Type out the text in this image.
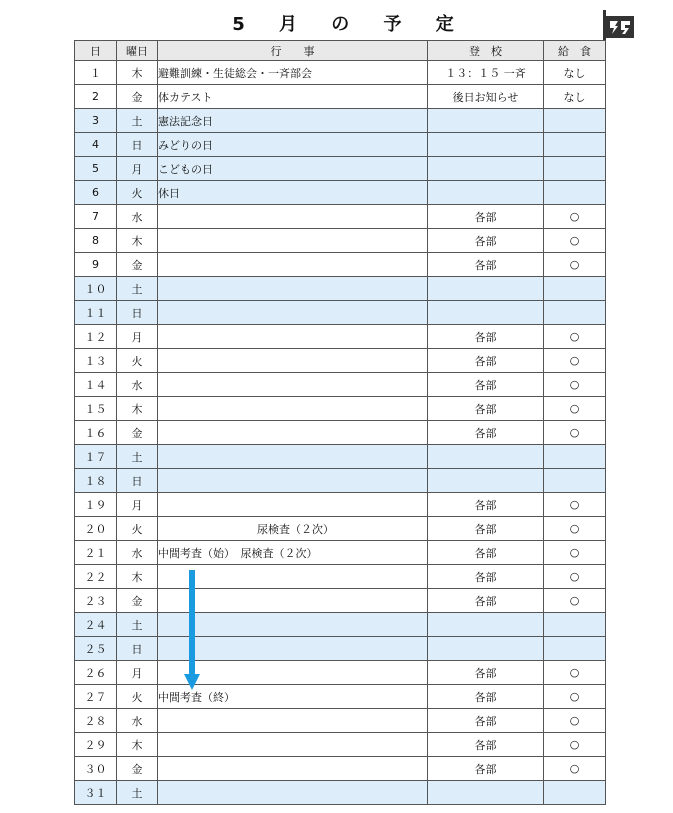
5 月 の 予 定
日	曜日	行　　事	登　校	給　食
１	木	避難訓練・生徒総会・一斉部会	１３：１５ 一斉	なし
2	金	体カテスト	後日お知らせ	なし
3	土	憲法記念日		
4	日	みどりの日		
5	月	こどもの日		
6	火	休日		
7	水		各部	○
8	木		各部	○
9	金		各部	○
１０	土			
１１	日			
１２	月		各部	○
１３	火		各部	○
１４	水		各部	○
１５	木		各部	○
１６	金		各部	○
１７	土			
１８	日			
１９	月		各部	○
２０	火	　　　　　　　　　尿検査（２次）	各部	○
２１	水	中間考査（始）　尿検査（２次）	各部	○
２２	木		各部	○
２３	金		各部	○
２４	土			
２５	日			
２６	月		各部	○
２７	火	中間考査（終）	各部	○
２８	水		各部	○
２９	木		各部	○
３０	金		各部	○
３１	土			
